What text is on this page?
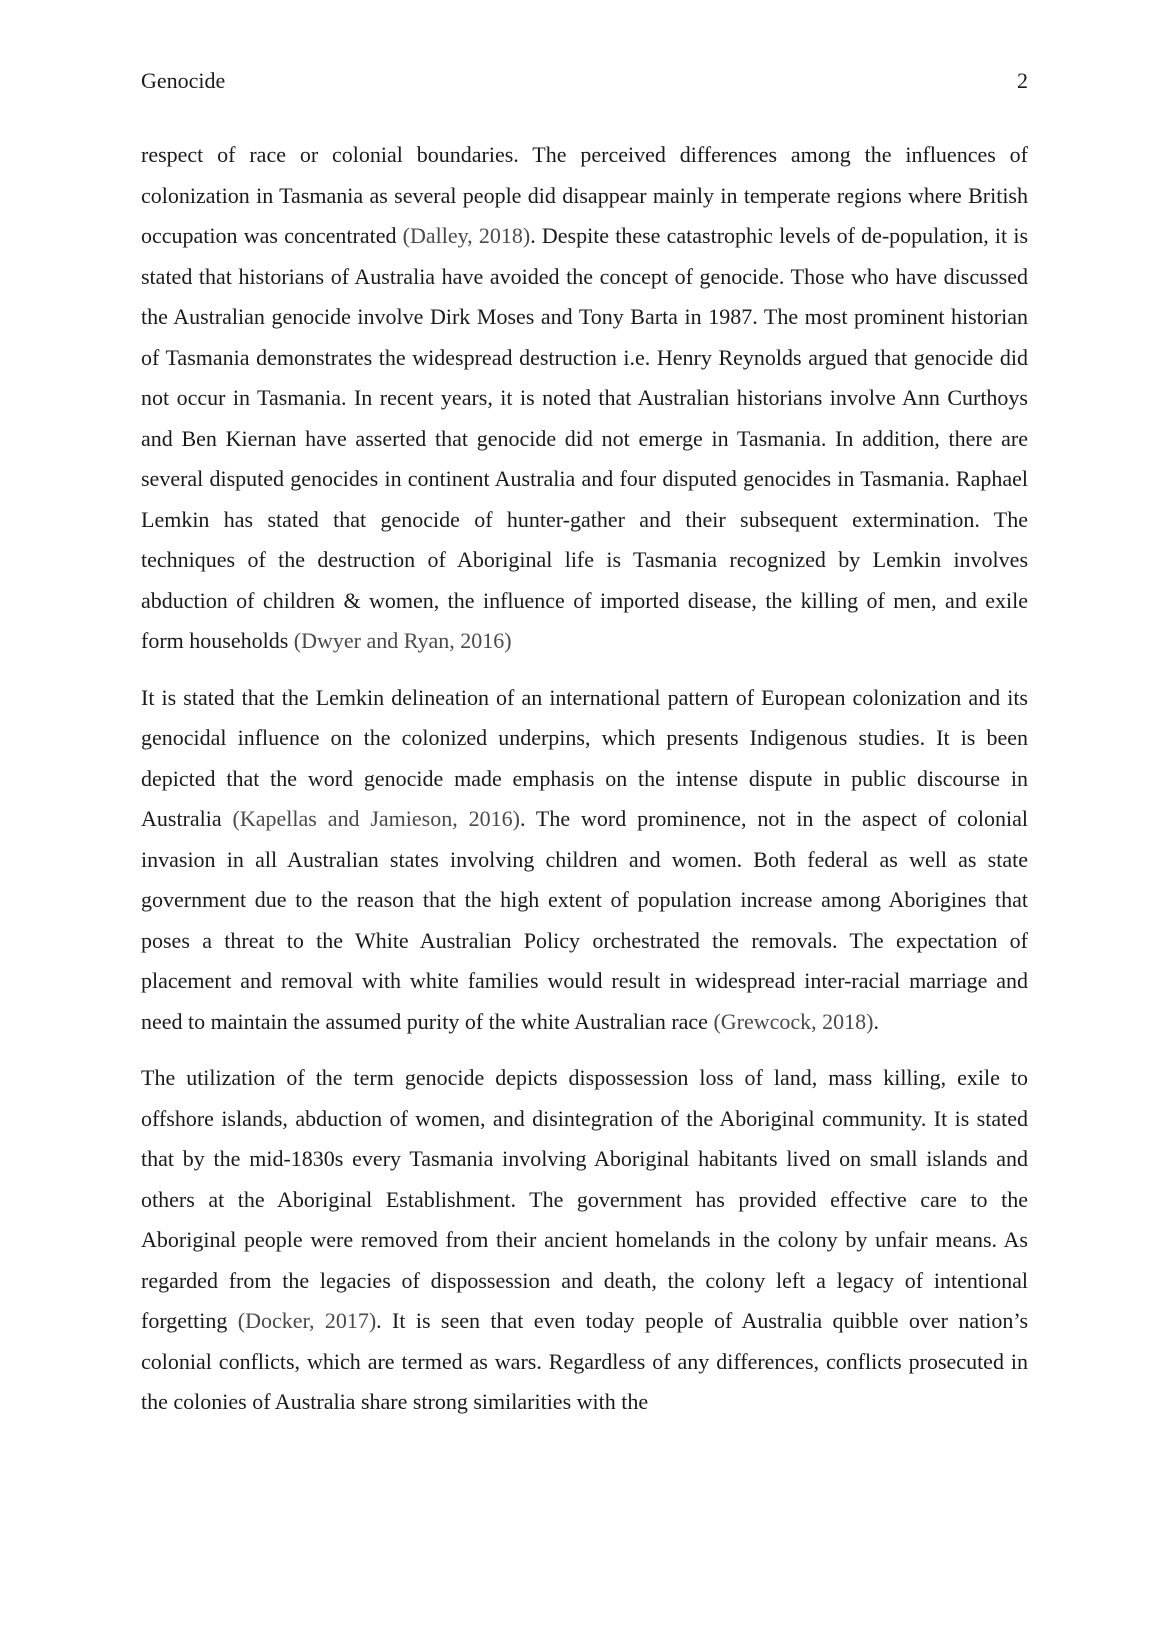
Genocide	2

respect of race or colonial boundaries. The perceived differences among the influences of colonization in Tasmania as several people did disappear mainly in temperate regions where British occupation was concentrated (Dalley, 2018). Despite these catastrophic levels of de-population, it is stated that historians of Australia have avoided the concept of genocide. Those who have discussed the Australian genocide involve Dirk Moses and Tony Barta in 1987. The most prominent historian of Tasmania demonstrates the widespread destruction i.e. Henry Reynolds argued that genocide did not occur in Tasmania. In recent years, it is noted that Australian historians involve Ann Curthoys and Ben Kiernan have asserted that genocide did not emerge in Tasmania. In addition, there are several disputed genocides in continent Australia and four disputed genocides in Tasmania. Raphael Lemkin has stated that genocide of hunter-gather and their subsequent extermination. The techniques of the destruction of Aboriginal life is Tasmania recognized by Lemkin involves abduction of children & women, the influence of imported disease, the killing of men, and exile form households (Dwyer and Ryan, 2016)

It is stated that the Lemkin delineation of an international pattern of European colonization and its genocidal influence on the colonized underpins, which presents Indigenous studies. It is been depicted that the word genocide made emphasis on the intense dispute in public discourse in Australia (Kapellas and Jamieson, 2016). The word prominence, not in the aspect of colonial invasion in all Australian states involving children and women. Both federal as well as state government due to the reason that the high extent of population increase among Aborigines that poses a threat to the White Australian Policy orchestrated the removals. The expectation of placement and removal with white families would result in widespread inter-racial marriage and need to maintain the assumed purity of the white Australian race (Grewcock, 2018).

The utilization of the term genocide depicts dispossession loss of land, mass killing, exile to offshore islands, abduction of women, and disintegration of the Aboriginal community. It is stated that by the mid-1830s every Tasmania involving Aboriginal habitants lived on small islands and others at the Aboriginal Establishment. The government has provided effective care to the Aboriginal people were removed from their ancient homelands in the colony by unfair means. As regarded from the legacies of dispossession and death, the colony left a legacy of intentional forgetting (Docker, 2017). It is seen that even today people of Australia quibble over nation’s colonial conflicts, which are termed as wars. Regardless of any differences, conflicts prosecuted in the colonies of Australia share strong similarities with the
